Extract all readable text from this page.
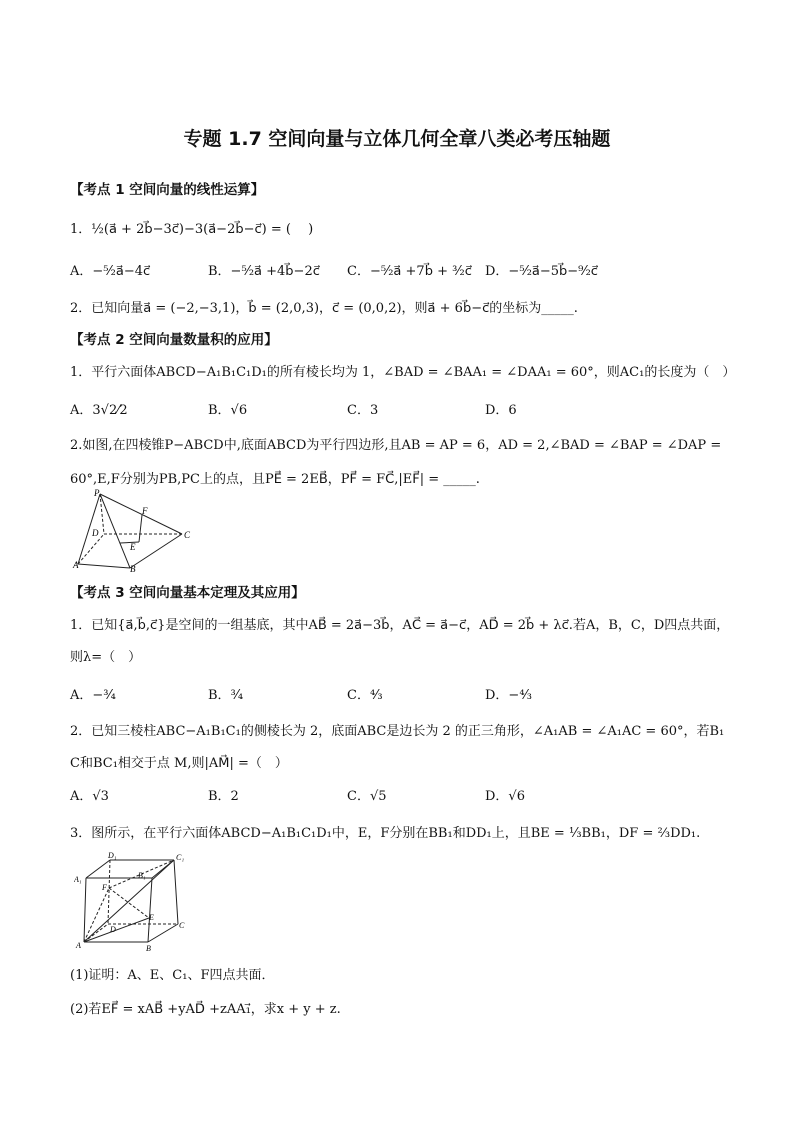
专题 1.7 空间向量与立体几何全章八类必考压轴题
【考点 1 空间向量的线性运算】
1．½(a⃗ + 2b⃗−3c⃗)−3(a⃗−2b⃗−c⃗) = (　 )
A．−⁵⁄₂a⃗−4c⃗	B．−⁵⁄₂a⃗ +4b⃗−2c⃗ C．−⁵⁄₂a⃗ +7b⃗ + ³⁄₂c⃗ D．−⁵⁄₂a⃗−5b⃗−⁹⁄₂c⃗
2．已知向量a⃗ = (−2,−3,1)，b⃗ = (2,0,3)，c⃗ = (0,0,2)，则a⃗ + 6b⃗−c⃗的坐标为_____.
【考点 2 空间向量数量积的应用】
1．平行六面体ABCD−A₁B₁C₁D₁的所有棱长均为 1，∠BAD = ∠BAA₁ = ∠DAA₁ = 60°，则AC₁的长度为（　）
A．3√2⁄2	B．√6	C．3	D．6
2.如图,在四棱锥P−ABCD中,底面ABCD为平行四边形,且AB = AP = 6，AD = 2,∠BAD = ∠BAP = ∠DAP =
60°,E,F分别为PB,PC上的点，且PE⃗ = 2EB⃗，PF⃗ = FC⃗,|EF⃗| = _____.
P
F
D
E
C
A	B
【考点 3 空间向量基本定理及其应用】
1．已知{a⃗,b⃗,c⃗}是空间的一组基底，其中AB⃗ = 2a⃗−3b⃗，AC⃗ = a⃗−c⃗，AD⃗ = 2b⃗ + λc⃗.若A，B，C，D四点共面，
则λ=（　）
A．−³⁄₄	B．³⁄₄	C．⁴⁄₃	D．−⁴⁄₃
2．已知三棱柱ABC−A₁B₁C₁的侧棱长为 2，底面ABC是边长为 2 的正三角形，∠A₁AB = ∠A₁AC = 60°，若B₁
C和BC₁相交于点 M,则|AM⃗| =（　）
A．√3	B．2	C．√5	D．√6
3．图所示，在平行六面体ABCD−A₁B₁C₁D₁中，E，F分别在BB₁和DD₁上，且BE = ⅓BB₁，DF = ⅔DD₁.
D₁	C₁
A₁	B₁
F
E
D	C
A	B
(1)证明：A、E、C₁、F四点共面．
(2)若EF⃗ = xAB⃗ +yAD⃗ +zAA₁⃗，求x + y + z.
